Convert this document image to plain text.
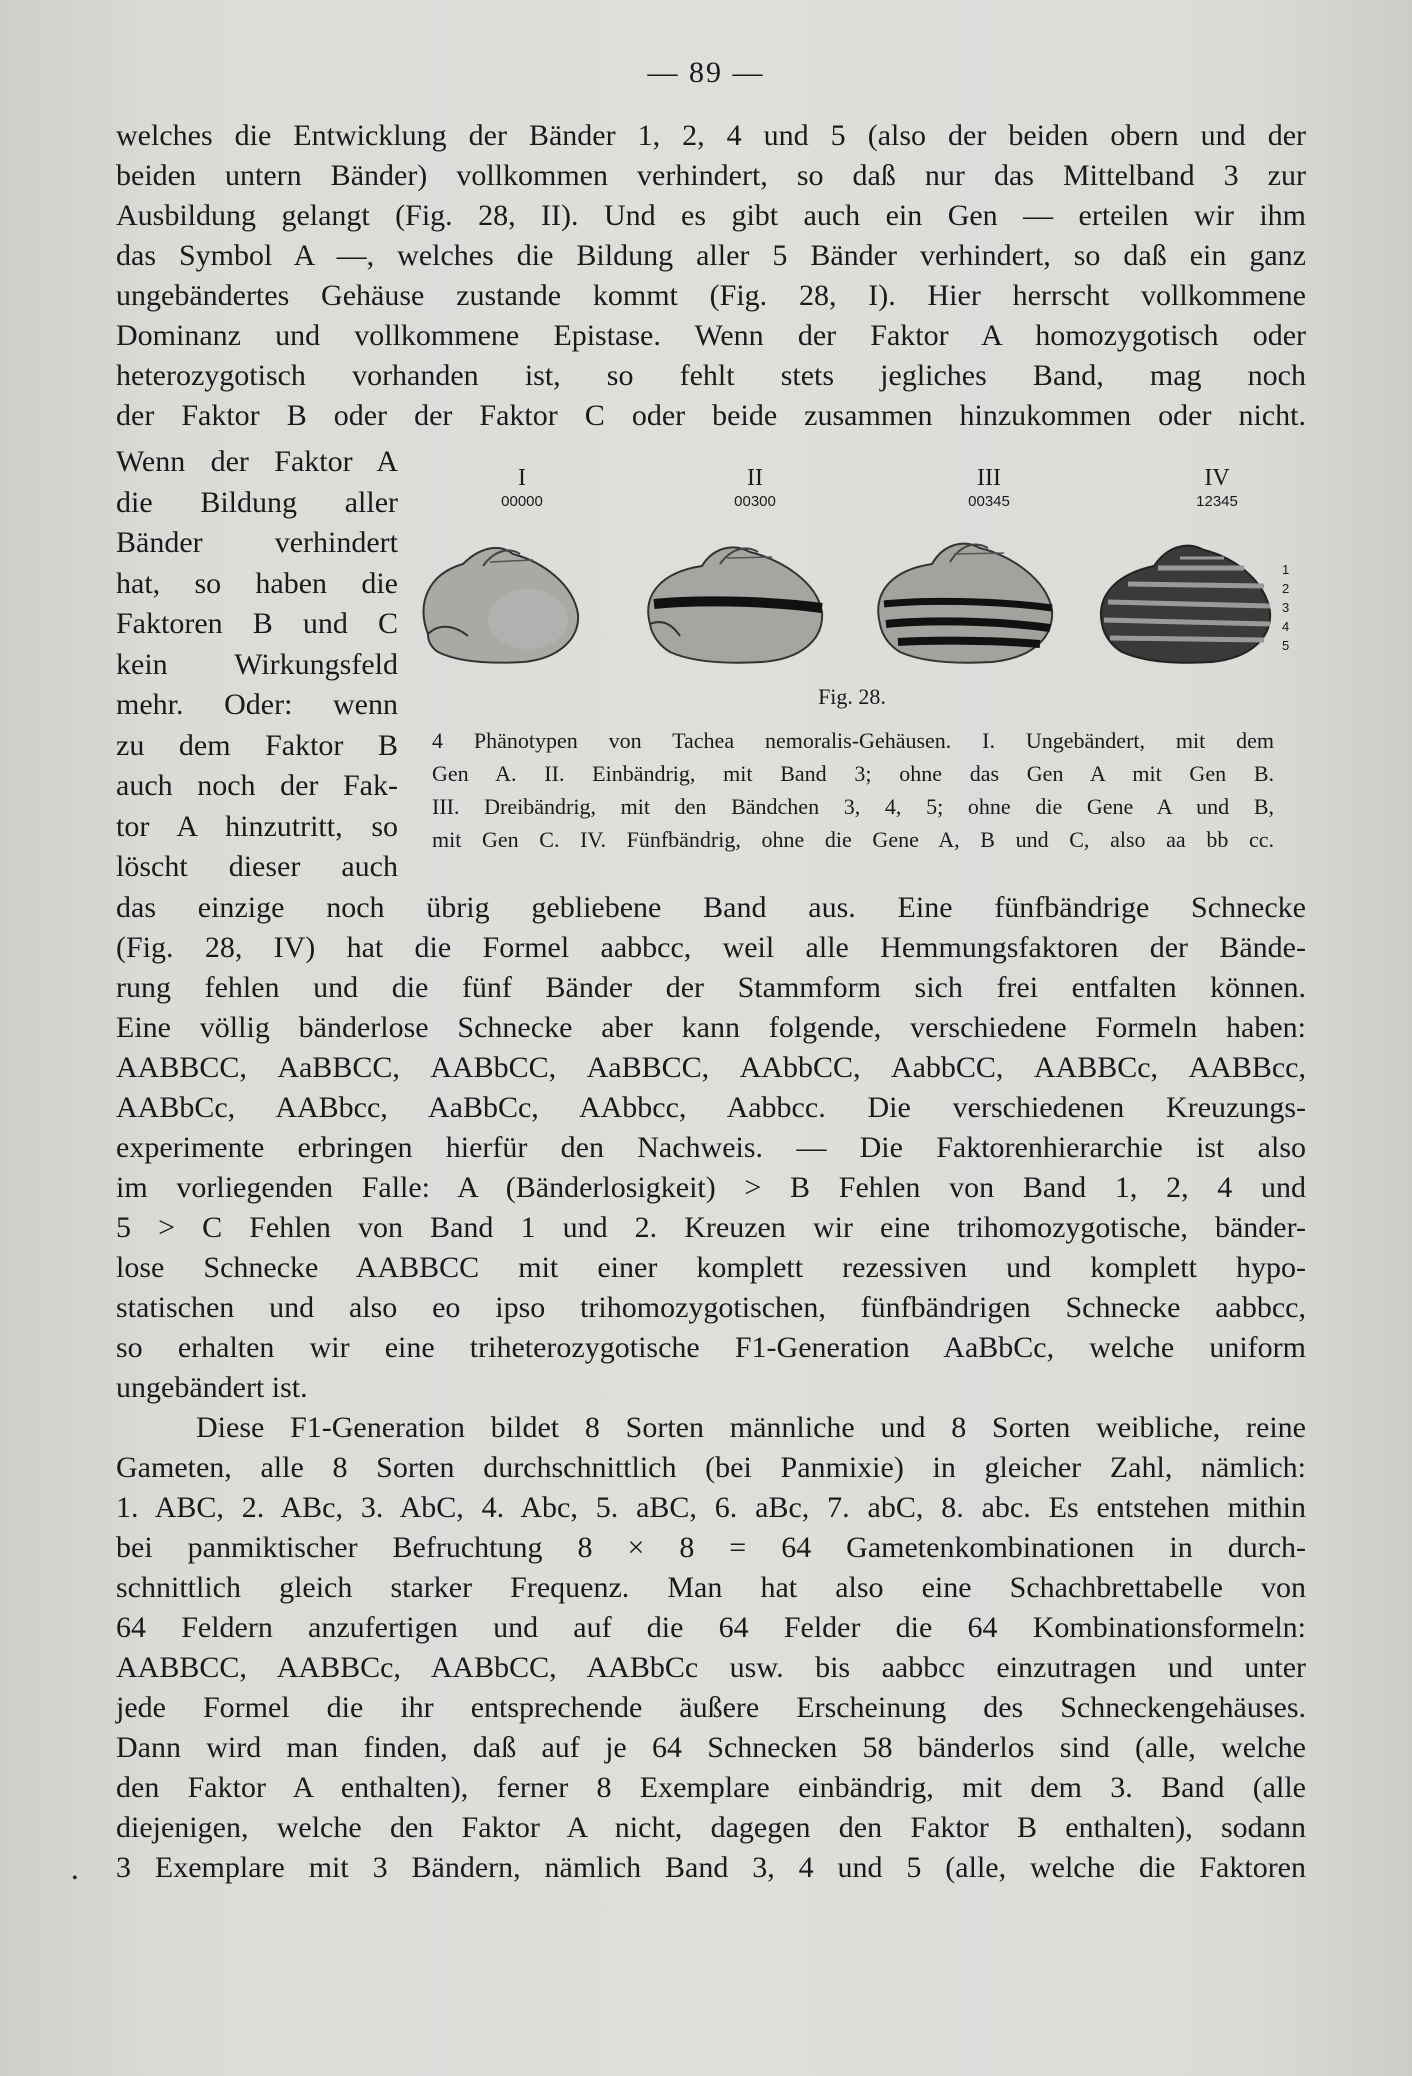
— 89 —
welches die Entwicklung der Bänder 1, 2, 4 und 5 (also der beiden obern und der
beiden untern Bänder) vollkommen verhindert, so daß nur das Mittelband 3 zur
Ausbildung gelangt (Fig. 28, II). Und es gibt auch ein Gen — erteilen wir ihm
das Symbol A —, welches die Bildung aller 5 Bänder verhindert, so daß ein ganz
ungebändertes Gehäuse zustande kommt (Fig. 28, I). Hier herrscht vollkommene
Dominanz und vollkommene Epistase. Wenn der Faktor A homozygotisch oder
heterozygotisch vorhanden ist, so fehlt stets jegliches Band, mag noch
der Faktor B oder der Faktor C oder beide zusammen hinzukommen oder nicht.
Wenn der Faktor A
die Bildung aller
Bänder verhindert
hat, so haben die
Faktoren B und C
kein Wirkungsfeld
mehr. Oder: wenn
zu dem Faktor B
auch noch der Fak-
tor A hinzutritt, so
löscht dieser auch
I
00000
II
00300
III
00345
IV
12345
1
2
3
4
5
Fig. 28.
4 Phänotypen von Tachea nemoralis-Gehäusen. I. Ungebändert, mit dem
Gen A. II. Einbändrig, mit Band 3; ohne das Gen A mit Gen B.
III. Dreibändrig, mit den Bändchen 3, 4, 5; ohne die Gene A und B,
mit Gen C. IV. Fünfbändrig, ohne die Gene A, B und C, also aa bb cc.
das einzige noch übrig gebliebene Band aus. Eine fünfbändrige Schnecke
(Fig. 28, IV) hat die Formel aabbcc, weil alle Hemmungsfaktoren der Bände-
rung fehlen und die fünf Bänder der Stammform sich frei entfalten können.
Eine völlig bänderlose Schnecke aber kann folgende, verschiedene Formeln haben:
AABBCC, AaBBCC, AABbCC, AaBBCC, AAbbCC, AabbCC, AABBCc, AABBcc,
AABbCc, AABbcc, AaBbCc, AAbbcc, Aabbcc. Die verschiedenen Kreuzungs-
experimente erbringen hierfür den Nachweis. — Die Faktorenhierarchie ist also
im vorliegenden Falle: A (Bänderlosigkeit) > B Fehlen von Band 1, 2, 4 und
5 > C Fehlen von Band 1 und 2. Kreuzen wir eine trihomozygotische, bänder-
lose Schnecke AABBCC mit einer komplett rezessiven und komplett hypo-
statischen und also eo ipso trihomozygotischen, fünfbändrigen Schnecke aabbcc,
so erhalten wir eine triheterozygotische F1-Generation AaBbCc, welche uniform
ungebändert ist.
Diese F1-Generation bildet 8 Sorten männliche und 8 Sorten weibliche, reine
Gameten, alle 8 Sorten durchschnittlich (bei Panmixie) in gleicher Zahl, nämlich:
1. ABC, 2. ABc, 3. AbC, 4. Abc, 5. aBC, 6. aBc, 7. abC, 8. abc. Es entstehen mithin
bei panmiktischer Befruchtung 8 × 8 = 64 Gametenkombinationen in durch-
schnittlich gleich starker Frequenz. Man hat also eine Schachbrettabelle von
64 Feldern anzufertigen und auf die 64 Felder die 64 Kombinationsformeln:
AABBCC, AABBCc, AABbCC, AABbCc usw. bis aabbcc einzutragen und unter
jede Formel die ihr entsprechende äußere Erscheinung des Schneckengehäuses.
Dann wird man finden, daß auf je 64 Schnecken 58 bänderlos sind (alle, welche
den Faktor A enthalten), ferner 8 Exemplare einbändrig, mit dem 3. Band (alle
diejenigen, welche den Faktor A nicht, dagegen den Faktor B enthalten), sodann
3 Exemplare mit 3 Bändern, nämlich Band 3, 4 und 5 (alle, welche die Faktoren
•
